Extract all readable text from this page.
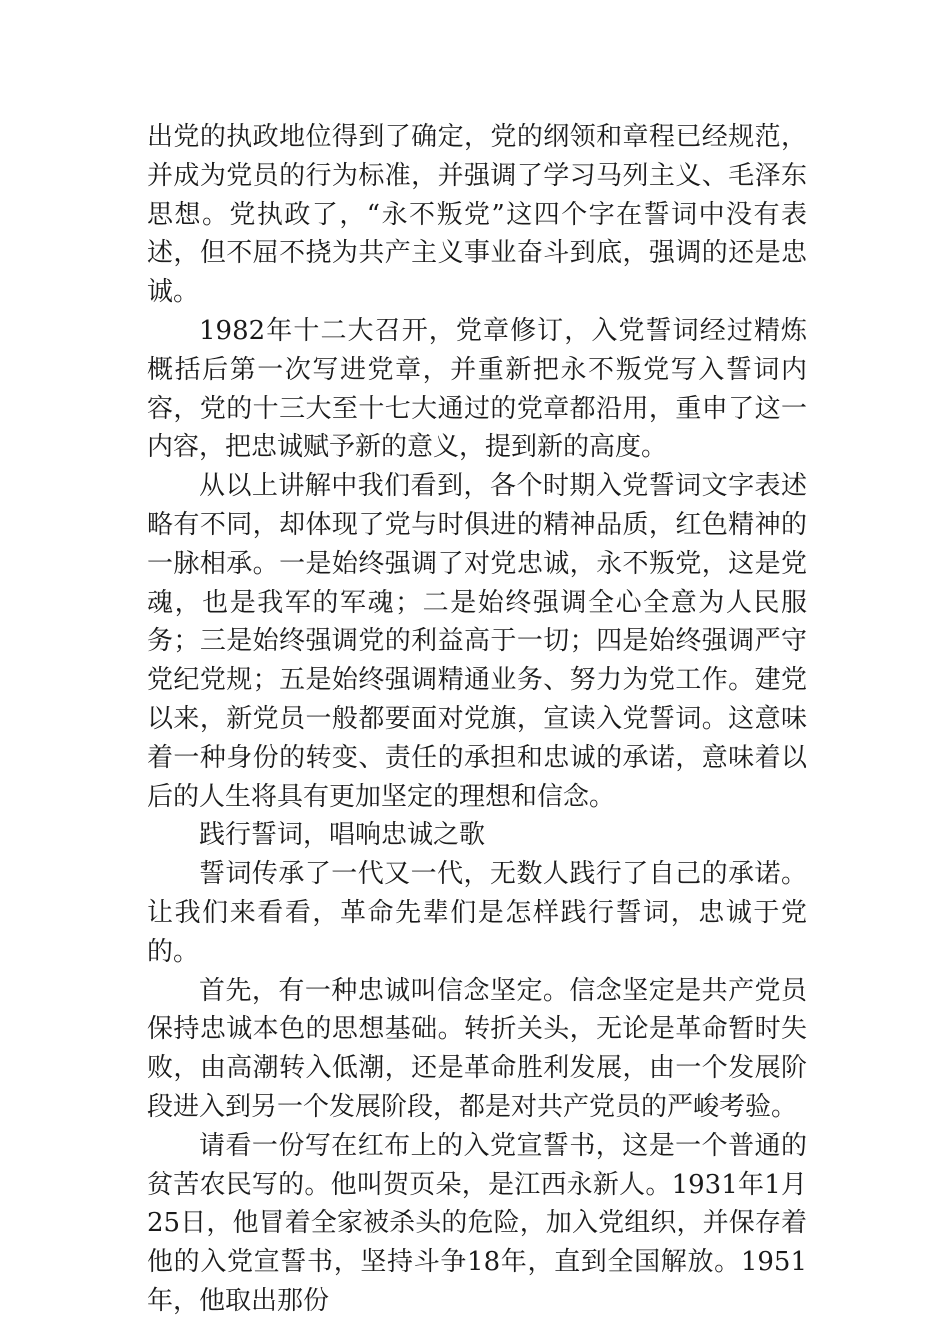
出党的执政地位得到了确定，党的纲领和章程已经规范，并成为党员的行为标准，并强调了学习马列主义、毛泽东思想。党执政了，“永不叛党”这四个字在誓词中没有表述，但不屈不挠为共产主义事业奋斗到底，强调的还是忠诚。

1982年十二大召开，党章修订，入党誓词经过精炼概括后第一次写进党章，并重新把永不叛党写入誓词内容，党的十三大至十七大通过的党章都沿用，重申了这一内容，把忠诚赋予新的意义，提到新的高度。

从以上讲解中我们看到，各个时期入党誓词文字表述略有不同，却体现了党与时俱进的精神品质，红色精神的一脉相承。一是始终强调了对党忠诚，永不叛党，这是党魂，也是我军的军魂；二是始终强调全心全意为人民服务；三是始终强调党的利益高于一切；四是始终强调严守党纪党规；五是始终强调精通业务、努力为党工作。建党以来，新党员一般都要面对党旗，宣读入党誓词。这意味着一种身份的转变、责任的承担和忠诚的承诺，意味着以后的人生将具有更加坚定的理想和信念。

践行誓词，唱响忠诚之歌

誓词传承了一代又一代，无数人践行了自己的承诺。让我们来看看，革命先辈们是怎样践行誓词，忠诚于党的。

首先，有一种忠诚叫信念坚定。信念坚定是共产党员保持忠诚本色的思想基础。转折关头，无论是革命暂时失败，由高潮转入低潮，还是革命胜利发展，由一个发展阶段进入到另一个发展阶段，都是对共产党员的严峻考验。

请看一份写在红布上的入党宣誓书，这是一个普通的贫苦农民写的。他叫贺页朵，是江西永新人。1931年1月25日，他冒着全家被杀头的危险，加入党组织，并保存着他的入党宣誓书，坚持斗争18年，直到全国解放。1951年，他取出那份
